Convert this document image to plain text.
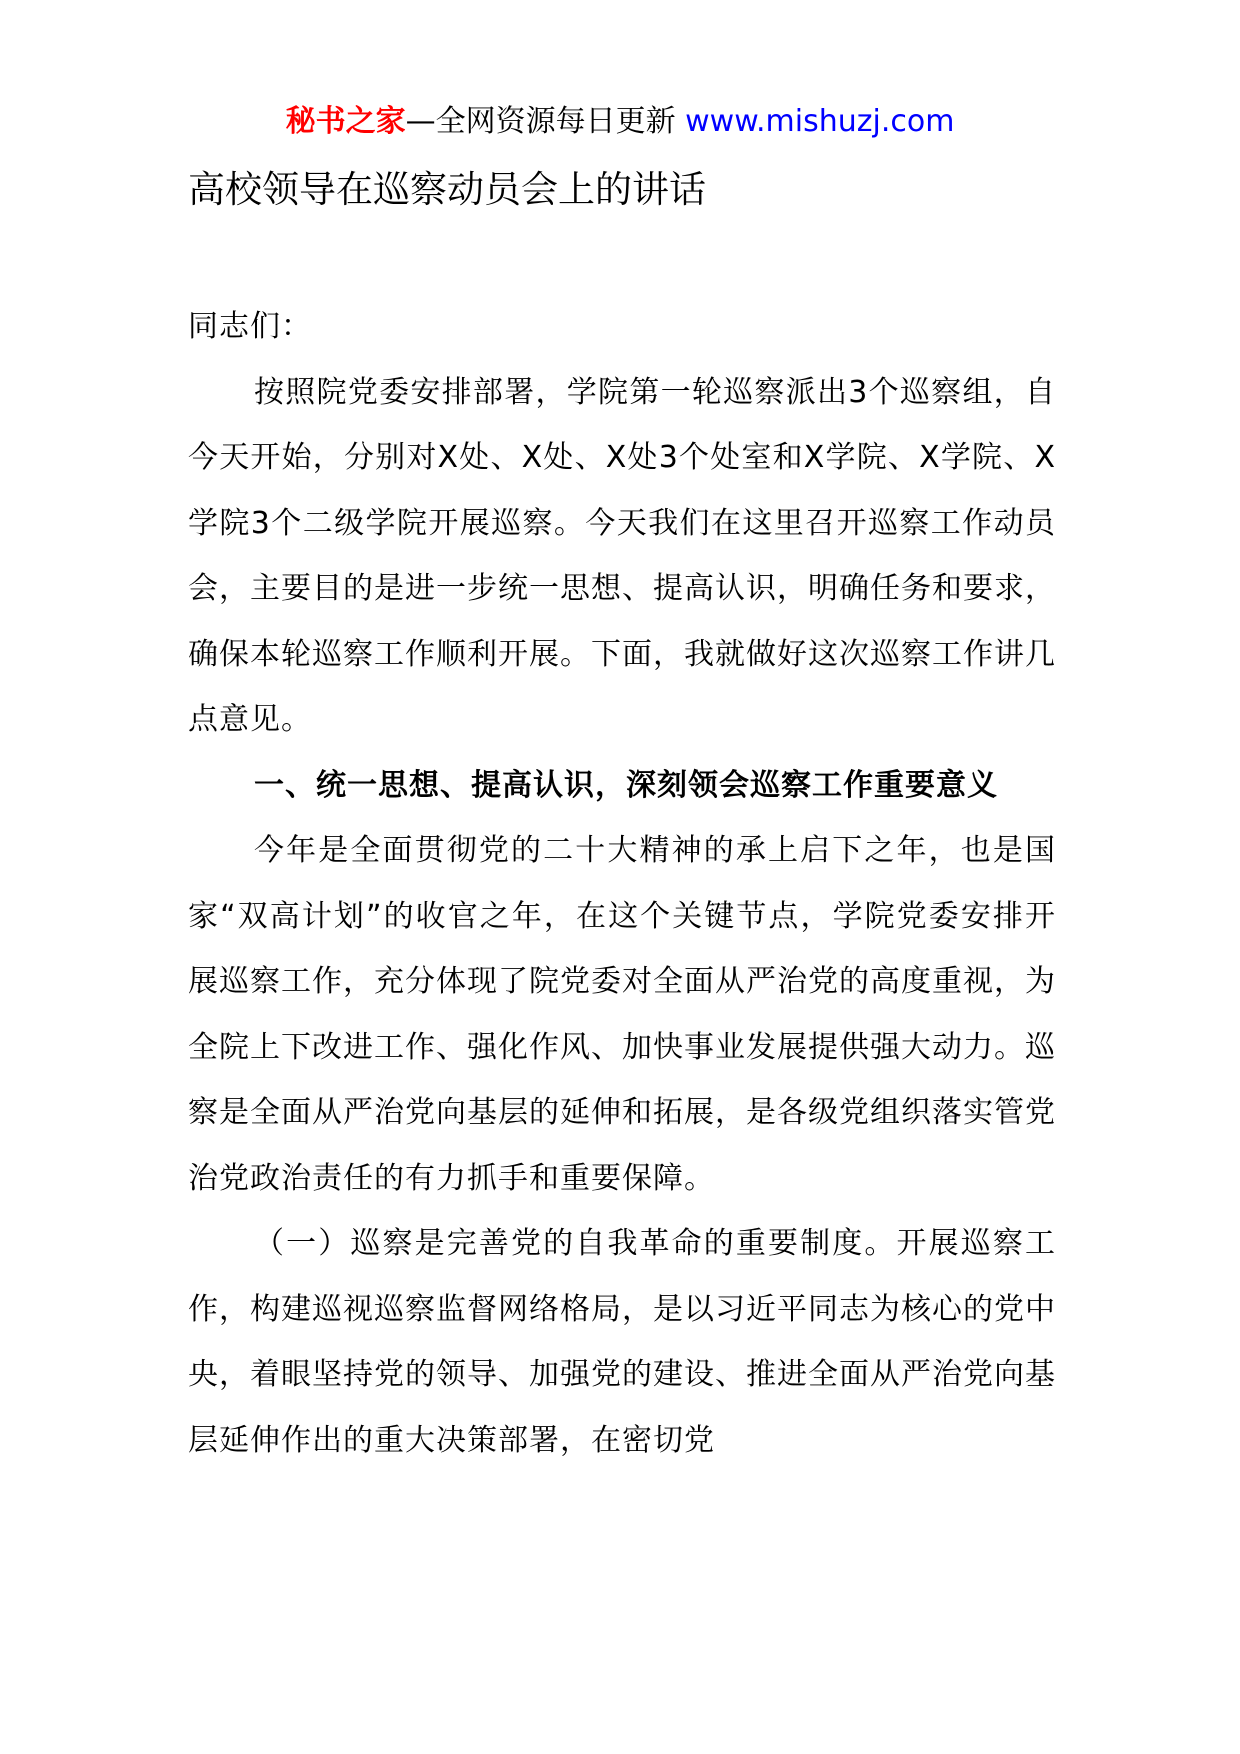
秘书之家—全网资源每日更新 www.mishuzj.com
高校领导在巡察动员会上的讲话

同志们：

按照院党委安排部署，学院第一轮巡察派出3个巡察组，自今天开始，分别对X处、X处、X处3个处室和X学院、X学院、X学院3个二级学院开展巡察。今天我们在这里召开巡察工作动员会，主要目的是进一步统一思想、提高认识，明确任务和要求，确保本轮巡察工作顺利开展。下面，我就做好这次巡察工作讲几点意见。

一、统一思想、提高认识，深刻领会巡察工作重要意义

今年是全面贯彻党的二十大精神的承上启下之年，也是国家“双高计划”的收官之年，在这个关键节点，学院党委安排开展巡察工作，充分体现了院党委对全面从严治党的高度重视，为全院上下改进工作、强化作风、加快事业发展提供强大动力。巡察是全面从严治党向基层的延伸和拓展，是各级党组织落实管党治党政治责任的有力抓手和重要保障。

（一）巡察是完善党的自我革命的重要制度。开展巡察工作，构建巡视巡察监督网络格局，是以习近平同志为核心的党中央，着眼坚持党的领导、加强党的建设、推进全面从严治党向基层延伸作出的重大决策部署，在密切党
